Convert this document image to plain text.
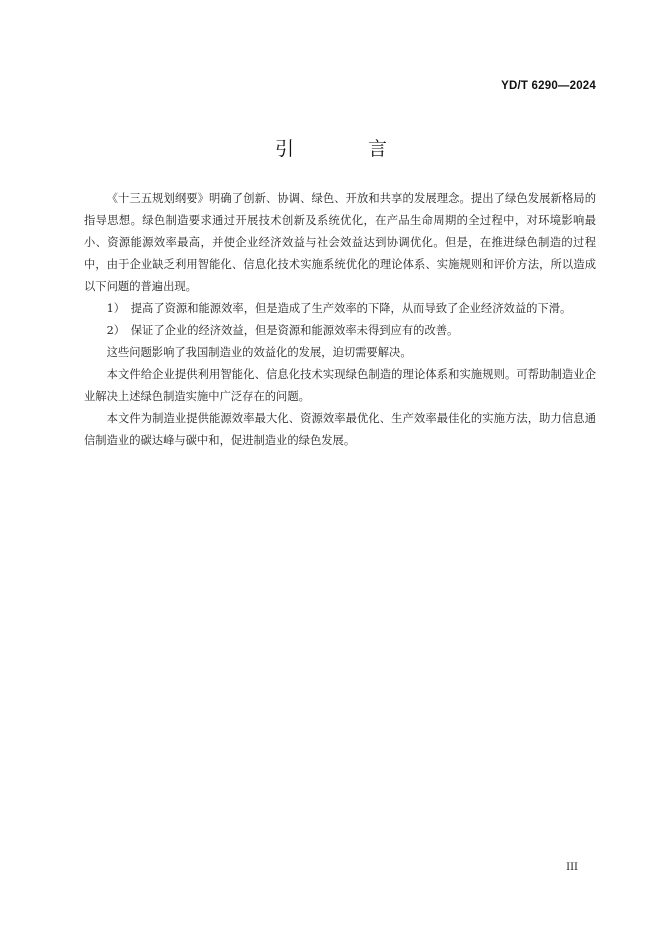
YD/T 6290—2024
引 言

《十三五规划纲要》明确了创新、协调、绿色、开放和共享的发展理念。提出了绿色发展新格局的指导思想。绿色制造要求通过开展技术创新及系统优化，在产品生命周期的全过程中，对环境影响最小、资源能源效率最高，并使企业经济效益与社会效益达到协调优化。但是，在推进绿色制造的过程中，由于企业缺乏利用智能化、信息化技术实施系统优化的理论体系、实施规则和评价方法，所以造成以下问题的普遍出现。

1）　提高了资源和能源效率，但是造成了生产效率的下降，从而导致了企业经济效益的下滑。

2）　保证了企业的经济效益，但是资源和能源效率未得到应有的改善。

这些问题影响了我国制造业的效益化的发展，迫切需要解决。

本文件给企业提供利用智能化、信息化技术实现绿色制造的理论体系和实施规则。可帮助制造业企业解决上述绿色制造实施中广泛存在的问题。

本文件为制造业提供能源效率最大化、资源效率最优化、生产效率最佳化的实施方法，助力信息通信制造业的碳达峰与碳中和，促进制造业的绿色发展。

III
